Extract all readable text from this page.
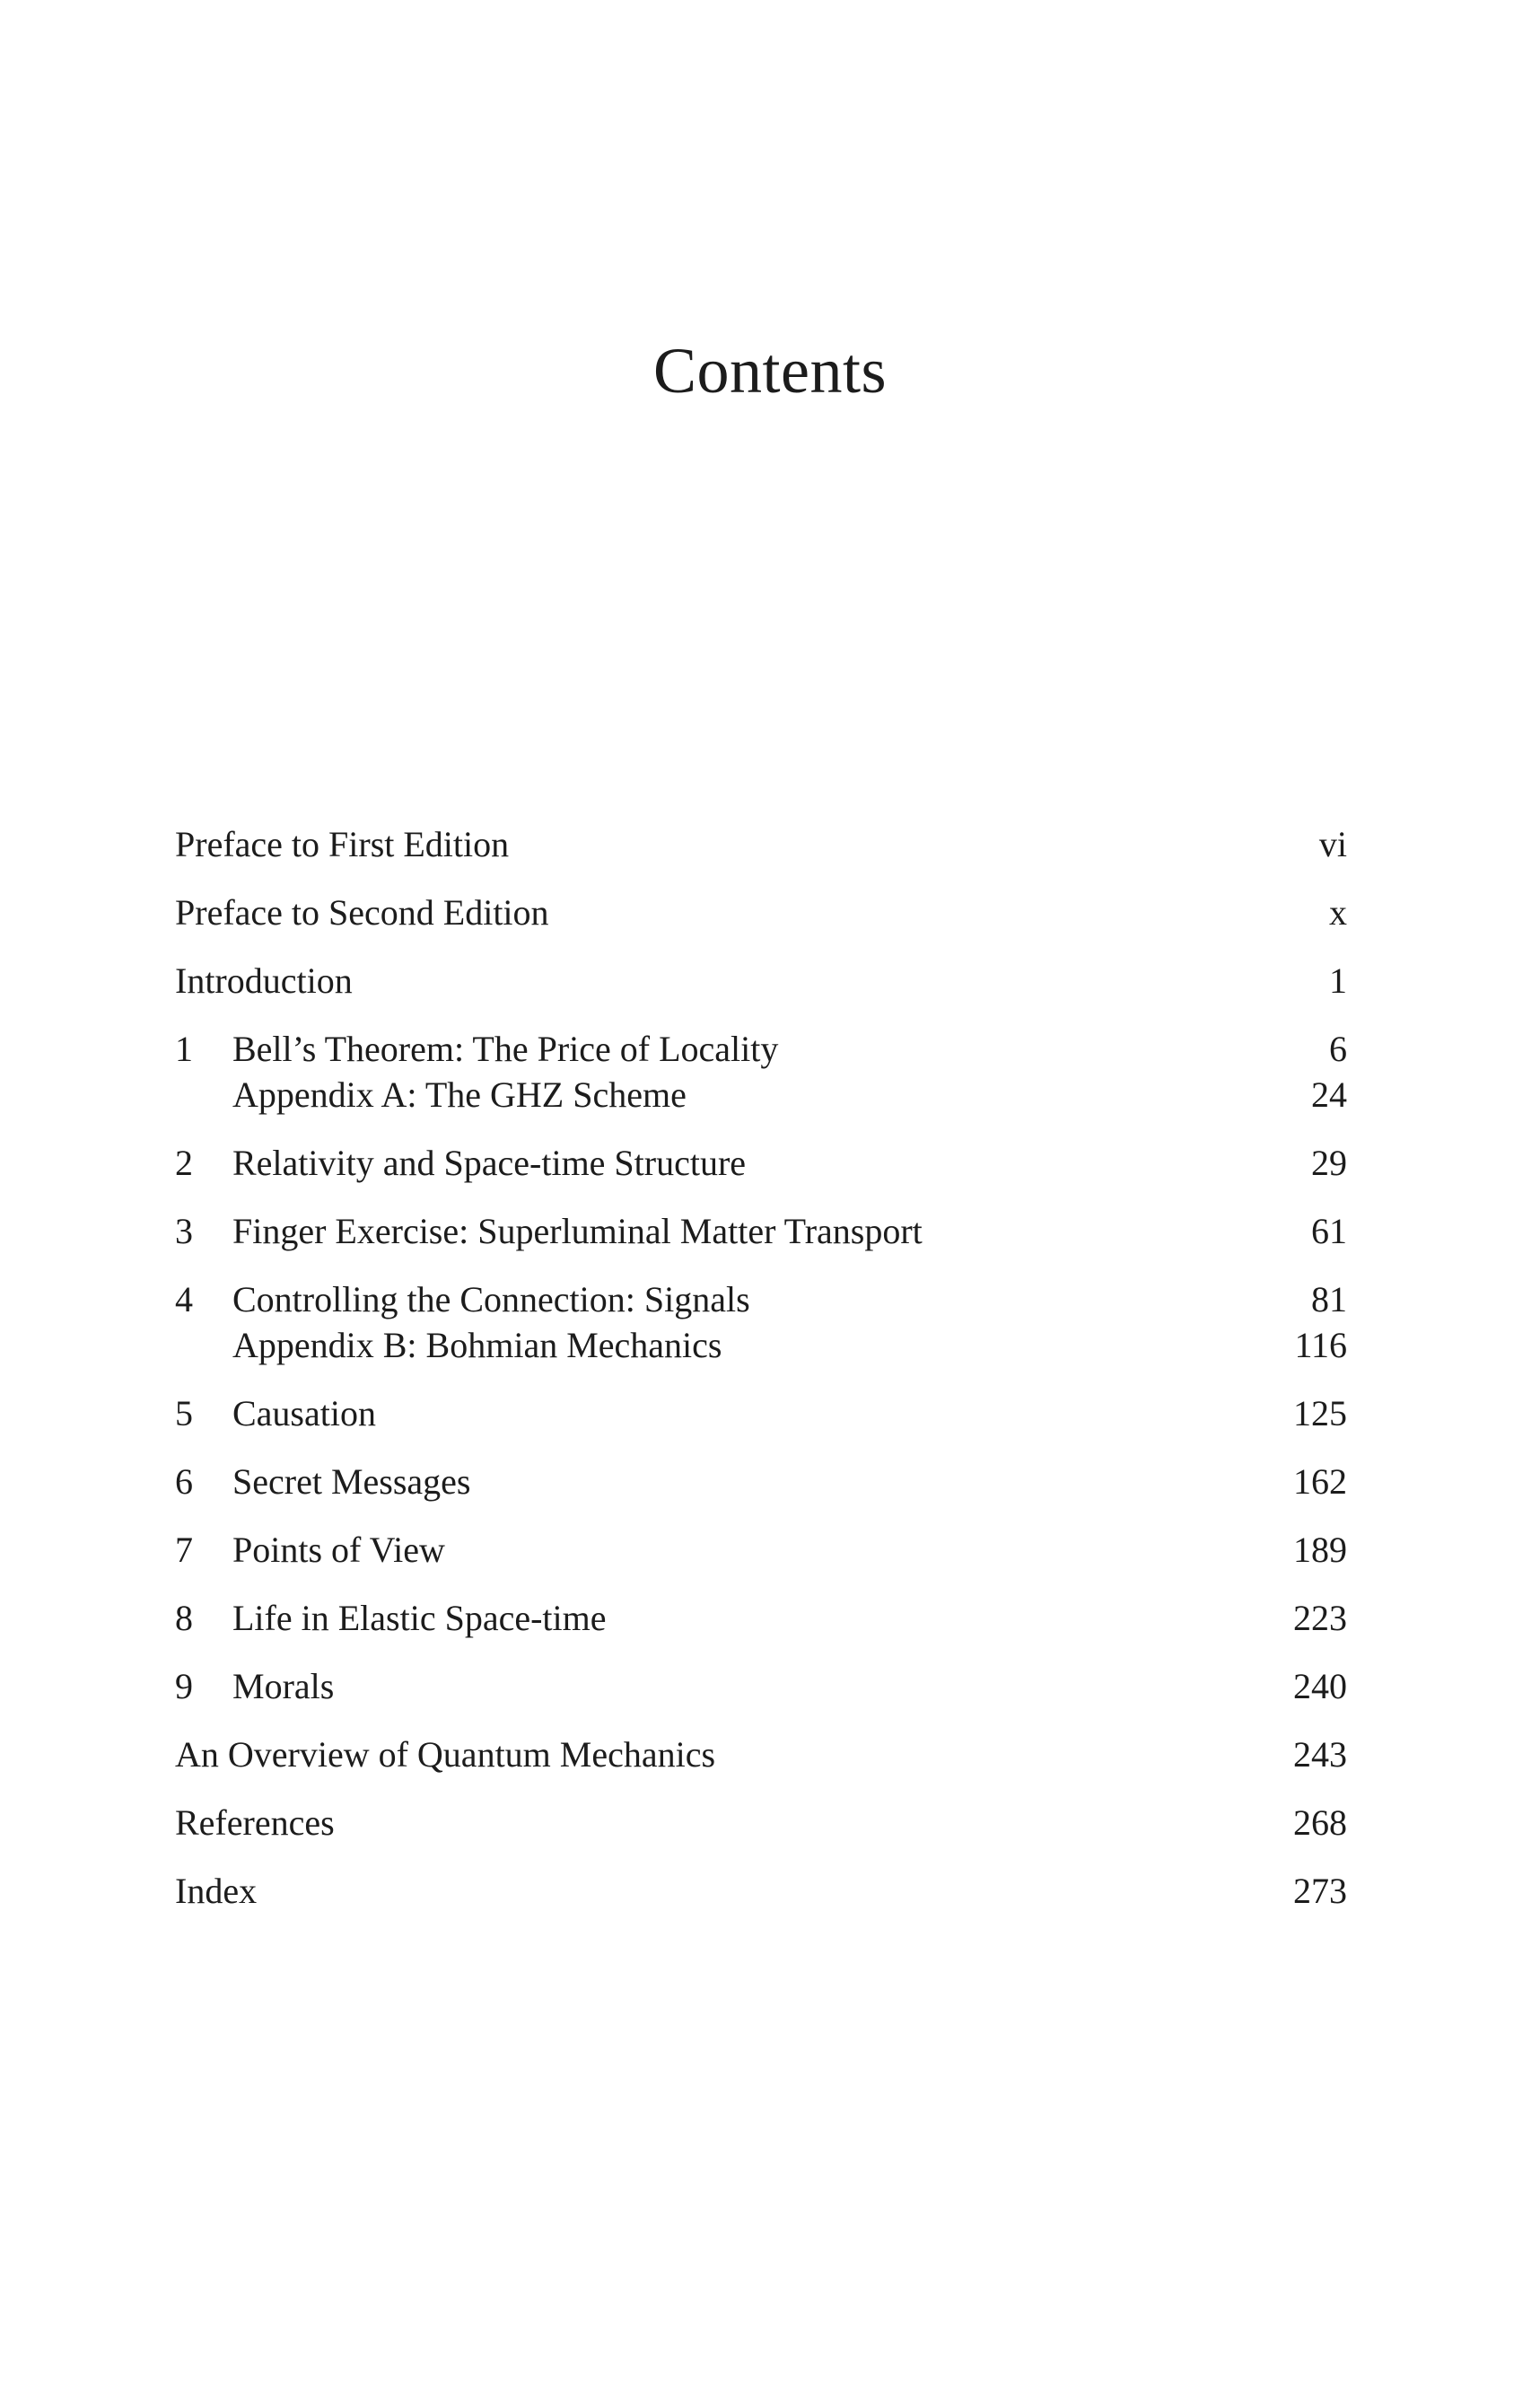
Contents
Preface to First Edition	vi
Preface to Second Edition	x
Introduction	1
1 Bell’s Theorem: The Price of Locality	6
Appendix A: The GHZ Scheme	24
2 Relativity and Space-time Structure	29
3 Finger Exercise: Superluminal Matter Transport	61
4 Controlling the Connection: Signals	81
Appendix B: Bohmian Mechanics	116
5 Causation	125
6 Secret Messages	162
7 Points of View	189
8 Life in Elastic Space-time	223
9 Morals	240
An Overview of Quantum Mechanics	243
References	268
Index	273
